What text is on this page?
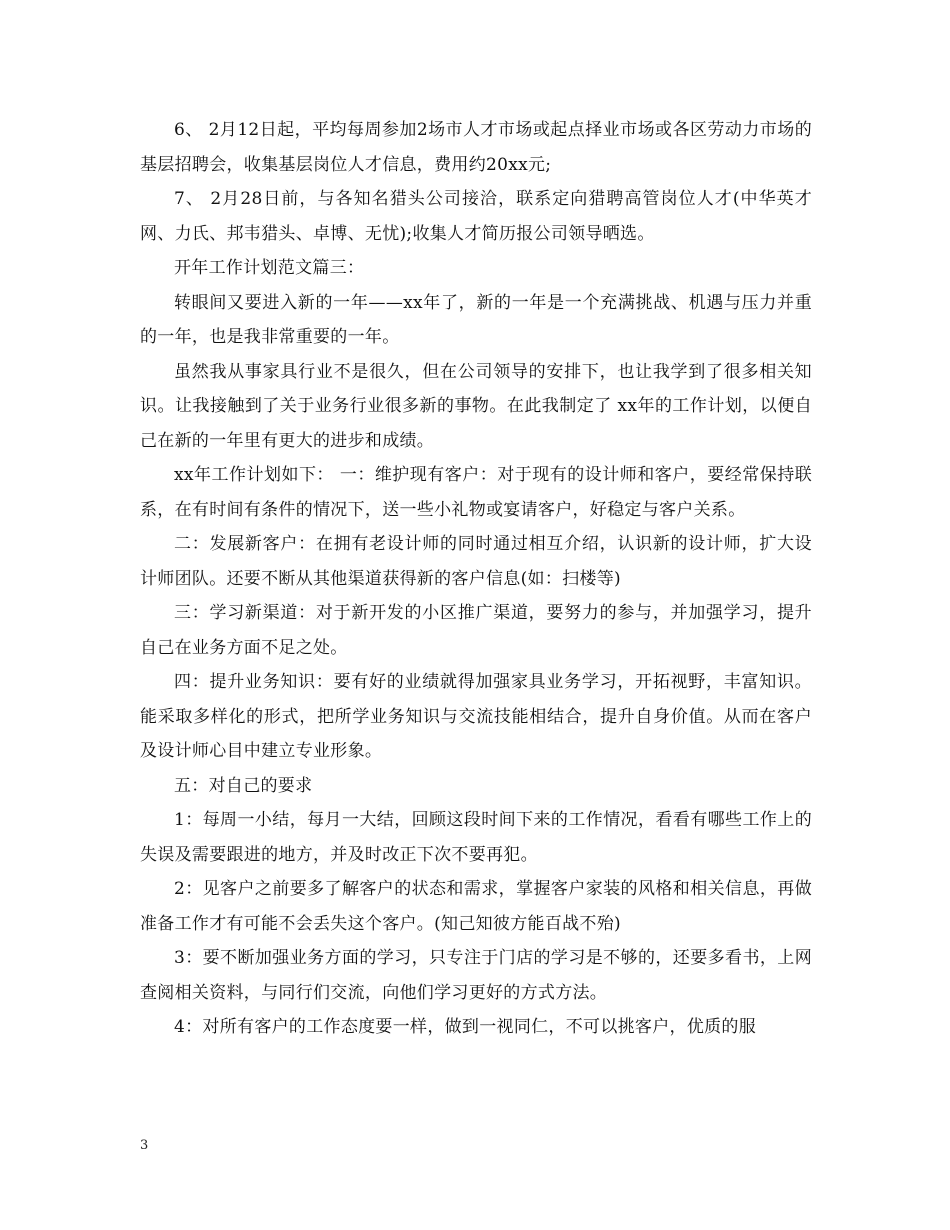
6、 2月12日起，平均每周参加2场市人才市场或起点择业市场或各区劳动力市场的基层招聘会，收集基层岗位人才信息，费用约20xx元;

7、 2月28日前，与各知名猎头公司接洽，联系定向猎聘高管岗位人才(中华英才网、力氏、邦韦猎头、卓博、无忧);收集人才简历报公司领导晒选。

开年工作计划范文篇三：

转眼间又要进入新的一年——xx年了，新的一年是一个充满挑战、机遇与压力并重的一年，也是我非常重要的一年。

虽然我从事家具行业不是很久，但在公司领导的安排下，也让我学到了很多相关知识。让我接触到了关于业务行业很多新的事物。在此我制定了 xx年的工作计划，以便自己在新的一年里有更大的进步和成绩。

xx年工作计划如下： 一：维护现有客户：对于现有的设计师和客户，要经常保持联系，在有时间有条件的情况下，送一些小礼物或宴请客户，好稳定与客户关系。

二：发展新客户：在拥有老设计师的同时通过相互介绍，认识新的设计师，扩大设计师团队。还要不断从其他渠道获得新的客户信息(如：扫楼等)

三：学习新渠道：对于新开发的小区推广渠道，要努力的参与，并加强学习，提升自己在业务方面不足之处。

四：提升业务知识：要有好的业绩就得加强家具业务学习，开拓视野，丰富知识。能采取多样化的形式，把所学业务知识与交流技能相结合，提升自身价值。从而在客户及设计师心目中建立专业形象。

五：对自己的要求

1：每周一小结，每月一大结，回顾这段时间下来的工作情况，看看有哪些工作上的失误及需要跟进的地方，并及时改正下次不要再犯。

2：见客户之前要多了解客户的状态和需求，掌握客户家装的风格和相关信息，再做准备工作才有可能不会丢失这个客户。(知己知彼方能百战不殆)

3：要不断加强业务方面的学习，只专注于门店的学习是不够的，还要多看书，上网查阅相关资料，与同行们交流，向他们学习更好的方式方法。

4：对所有客户的工作态度要一样，做到一视同仁，不可以挑客户，优质的服

3
